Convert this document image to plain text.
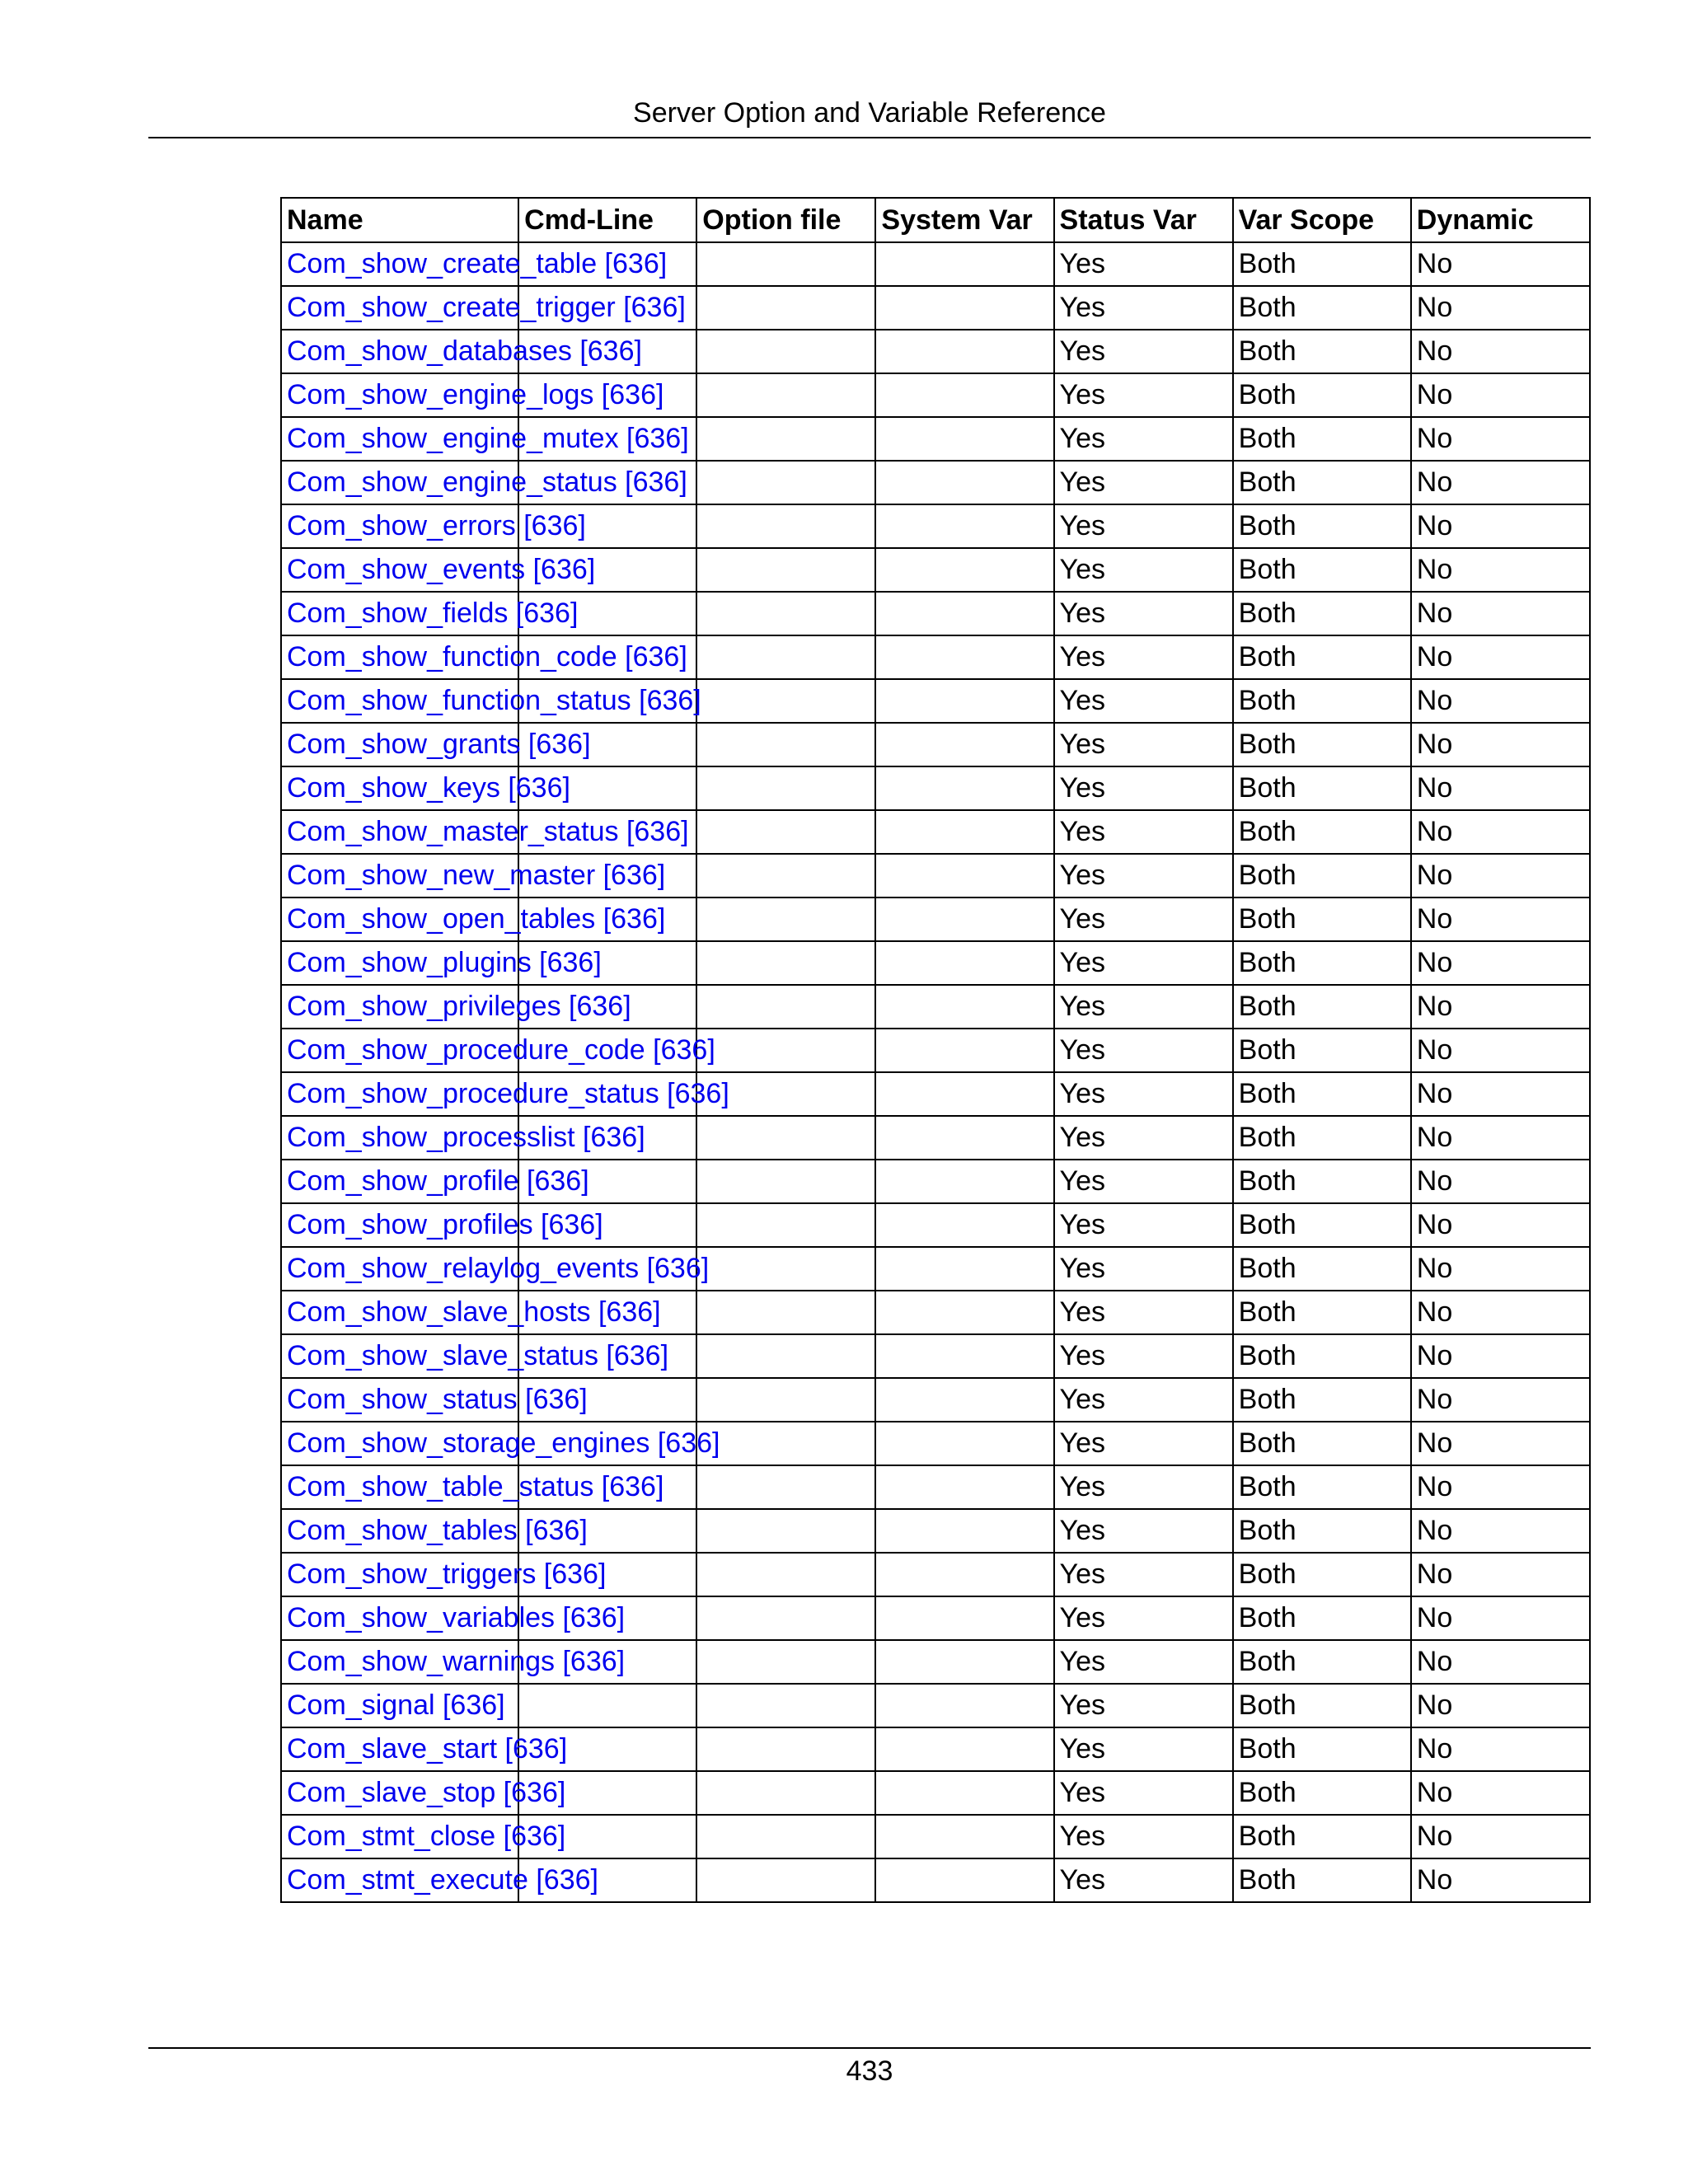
Server Option and Variable Reference
Name	Cmd-Line	Option file	System Var	Status Var	Var Scope	Dynamic
Com_show_create_table [636]				Yes	Both	No
Com_show_create_trigger [636]				Yes	Both	No
Com_show_databases [636]				Yes	Both	No
Com_show_engine_logs [636]				Yes	Both	No
Com_show_engine_mutex [636]				Yes	Both	No
Com_show_engine_status [636]				Yes	Both	No
Com_show_errors [636]				Yes	Both	No
Com_show_events [636]				Yes	Both	No
Com_show_fields [636]				Yes	Both	No
Com_show_function_code [636]				Yes	Both	No
Com_show_function_status [636]				Yes	Both	No
Com_show_grants [636]				Yes	Both	No
Com_show_keys [636]				Yes	Both	No
Com_show_master_status [636]				Yes	Both	No
Com_show_new_master [636]				Yes	Both	No
Com_show_open_tables [636]				Yes	Both	No
Com_show_plugins [636]				Yes	Both	No
Com_show_privileges [636]				Yes	Both	No
Com_show_procedure_code [636]				Yes	Both	No
Com_show_procedure_status [636]				Yes	Both	No
Com_show_processlist [636]				Yes	Both	No
Com_show_profile [636]				Yes	Both	No
Com_show_profiles [636]				Yes	Both	No
Com_show_relaylog_events [636]				Yes	Both	No
Com_show_slave_hosts [636]				Yes	Both	No
Com_show_slave_status [636]				Yes	Both	No
Com_show_status [636]				Yes	Both	No
Com_show_storage_engines [636]				Yes	Both	No
Com_show_table_status [636]				Yes	Both	No
Com_show_tables [636]				Yes	Both	No
Com_show_triggers [636]				Yes	Both	No
Com_show_variables [636]				Yes	Both	No
Com_show_warnings [636]				Yes	Both	No
Com_signal [636]				Yes	Both	No
Com_slave_start [636]				Yes	Both	No
Com_slave_stop [636]				Yes	Both	No
Com_stmt_close [636]				Yes	Both	No
Com_stmt_execute [636]				Yes	Both	No
433
